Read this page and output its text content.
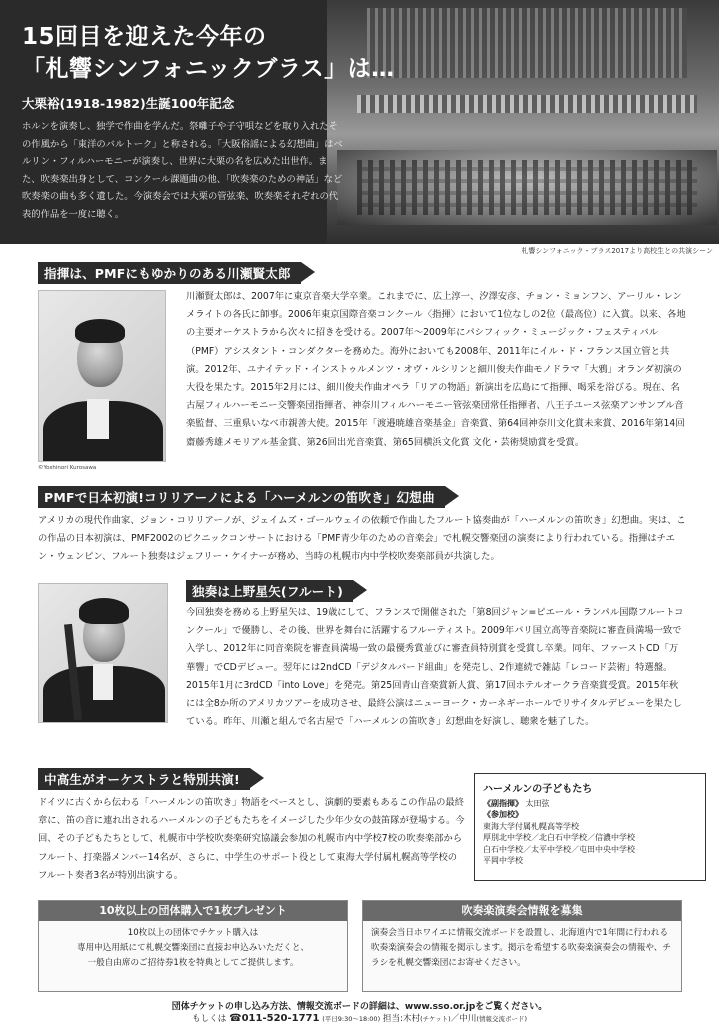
15回目を迎えた今年の
「札響シンフォニックブラス」は…
大栗裕(1918-1982)生誕100年記念
ホルンを演奏し、独学で作曲を学んだ。祭囃子や子守唄などを取り入れたその作風から「東洋のバルトーク」と称される。「大阪俗謡による幻想曲」はベルリン・フィルハーモニーが演奏し、世界に大栗の名を広めた出世作。また、吹奏楽出身として、コンクール課題曲の他、「吹奏楽のための神話」など吹奏楽の曲も多く遺した。今演奏会では大栗の管弦楽、吹奏楽それぞれの代表的作品を一度に聴く。
札響シンフォニック・ブラス2017より高校生との共演シーン
指揮は、PMFにもゆかりのある川瀬賢太郎
©Yoshinori Kurosawa
川瀬賢太郎は、2007年に東京音楽大学卒業。これまでに、広上淳一、汐澤安彦、チョン・ミョンフン、アーリル・レンメライトの各氏に師事。2006年東京国際音楽コンクール〈指揮〉において1位なしの2位（最高位）に入賞。以来、各地の主要オーケストラから次々に招きを受ける。2007年〜2009年にパシフィック・ミュージック・フェスティバル（PMF）アシスタント・コンダクターを務めた。海外においても2008年、2011年にイル・ド・フランス国立管と共演。2012年、ユナイテッド・インストゥルメンツ・オヴ・ルシリンと細川俊夫作曲モノドラマ「大鴉」オランダ初演の大役を果たす。2015年2月には、細川俊夫作曲オペラ「リアの物語」新演出を広島にて指揮、喝采を浴びる。現在、名古屋フィルハーモニー交響楽団指揮者、神奈川フィルハーモニー管弦楽団常任指揮者、八王子ユース弦楽アンサンブル音楽監督、三重県いなべ市親善大使。2015年「渡邉暁雄音楽基金」音楽賞、第64回神奈川文化賞未来賞、2016年第14回齋藤秀雄メモリアル基金賞、第26回出光音楽賞、第65回横浜文化賞 文化・芸術奨励賞を受賞。
PMFで日本初演!コリリアーノによる「ハーメルンの笛吹き」幻想曲
アメリカの現代作曲家、ジョン・コリリアーノが、ジェイムズ・ゴールウェイの依頼で作曲したフルート協奏曲が「ハーメルンの笛吹き」幻想曲。実は、この作品の日本初演は、PMF2002のピクニックコンサートにおける「PMF青少年のための音楽会」で札幌交響楽団の演奏により行われている。指揮はチエン・ウェンピン、フルート独奏はジェフリー・ケイナーが務め、当時の札幌市内中学校吹奏楽部員が共演した。
独奏は上野星矢(フルート)
今回独奏を務める上野星矢は、19歳にして、フランスで開催された「第8回ジャン=ピエール・ランパル国際フルートコンクール」で優勝し、その後、世界を舞台に活躍するフルーティスト。2009年パリ国立高等音楽院に審査員満場一致で入学し、2012年に同音楽院を審査員満場一致の最優秀賞並びに審査員特別賞を受賞し卒業。同年、ファーストCD「万華響」でCDデビュー。翌年には2ndCD「デジタルバード組曲」を発売し、2作連続で雑誌「レコード芸術」特選盤。2015年1月に3rdCD「into Love」を発売。第25回青山音楽賞新人賞、第17回ホテルオークラ音楽賞受賞。2015年秋には全8か所のアメリカツアーを成功させ、最終公演はニューヨーク・カーネギーホールでリサイタルデビューを果たしている。昨年、川瀬と組んで名古屋で「ハーメルンの笛吹き」幻想曲を好演し、聴衆を魅了した。
中高生がオーケストラと特別共演!
ドイツに古くから伝わる「ハーメルンの笛吹き」物語をベースとし、演劇的要素もあるこの作品の最終章に、笛の音に連れ出されるハーメルンの子どもたちをイメージした少年少女の鼓笛隊が登場する。今回、その子どもたちとして、札幌市中学校吹奏楽研究協議会参加の札幌市内中学校7校の吹奏楽部からフルート、打楽器メンバー14名が、さらに、中学生のサポート役として東海大学付属札幌高等学校のフルート奏者3名が特別出演する。
ハーメルンの子どもたち
《副指揮》 太田弦
《参加校》
東海大学付属札幌高等学校
厚別北中学校／北白石中学校／信濃中学校
白石中学校／太平中学校／屯田中央中学校
平岡中学校
10枚以上の団体購入で1枚プレゼント
10枚以上の団体でチケット購入は
専用申込用紙にて札幌交響楽団に直接お申込みいただくと、
一般自由席のご招待券1枚を特典としてご提供します。
吹奏楽演奏会情報を募集
演奏会当日ホワイエに情報交流ボードを設置し、北海道内で1年間に行われる吹奏楽演奏会の情報を掲示します。掲示を希望する吹奏楽演奏会の情報や、チラシを札幌交響楽団にお寄せください。
団体チケットの申し込み方法、情報交流ボードの詳細は、www.sso.or.jpをご覧ください。
もしくは ☎011-520-1771 (平日9:30〜18:00) 担当:木村(チケット)／中川(情報交流ボード)
